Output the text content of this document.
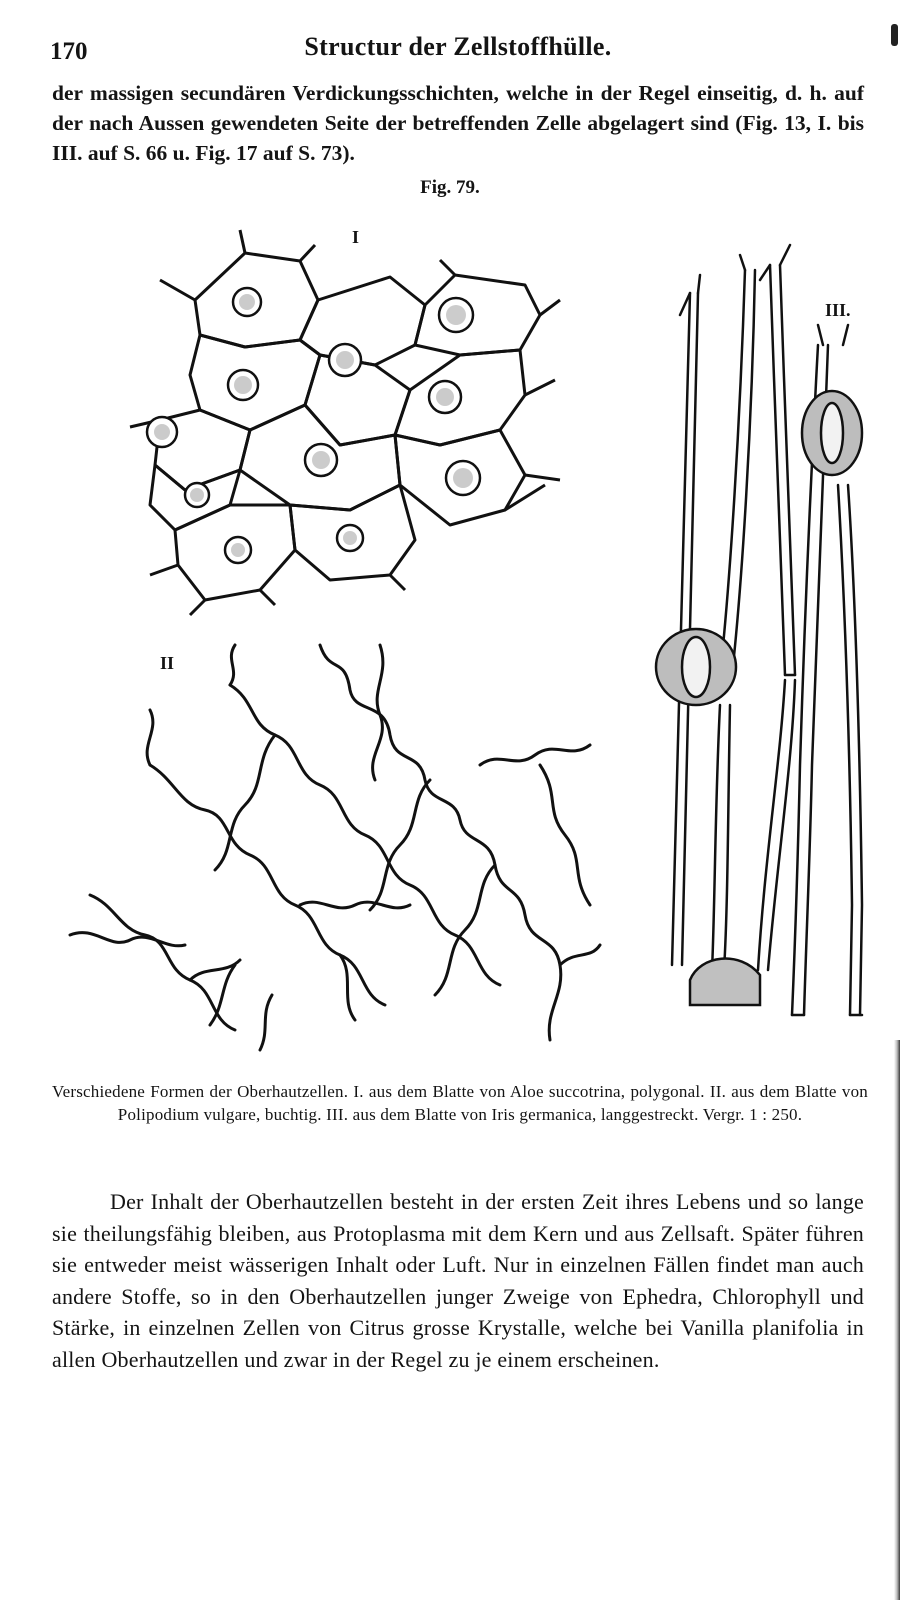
170	Structur der Zellstoffhülle.

der massigen secundären Verdickungsschichten, welche in der Regel einseitig, d. h. auf der nach Aussen gewendeten Seite der betreffenden Zelle abgelagert sind (Fig. 13, I. bis III. auf S. 66 u. Fig. 17 auf S. 73).

Fig. 79.
I
II
III.

Verschiedene Formen der Oberhautzellen. I. aus dem Blatte von Aloe succotrina, polygonal. II. aus dem Blatte von Polipodium vulgare, buchtig. III. aus dem Blatte von Iris germanica, langgestreckt. Vergr. 1 : 250.

Der Inhalt der Oberhautzellen besteht in der ersten Zeit ihres Lebens und so lange sie theilungsfähig bleiben, aus Protoplasma mit dem Kern und aus Zellsaft. Später führen sie entweder meist wässerigen Inhalt oder Luft. Nur in einzelnen Fällen findet man auch andere Stoffe, so in den Oberhautzellen junger Zweige von Ephedra, Chlorophyll und Stärke, in einzelnen Zellen von Citrus grosse Krystalle, welche bei Vanilla planifolia in allen Oberhautzellen und zwar in der Regel zu je einem erscheinen.
